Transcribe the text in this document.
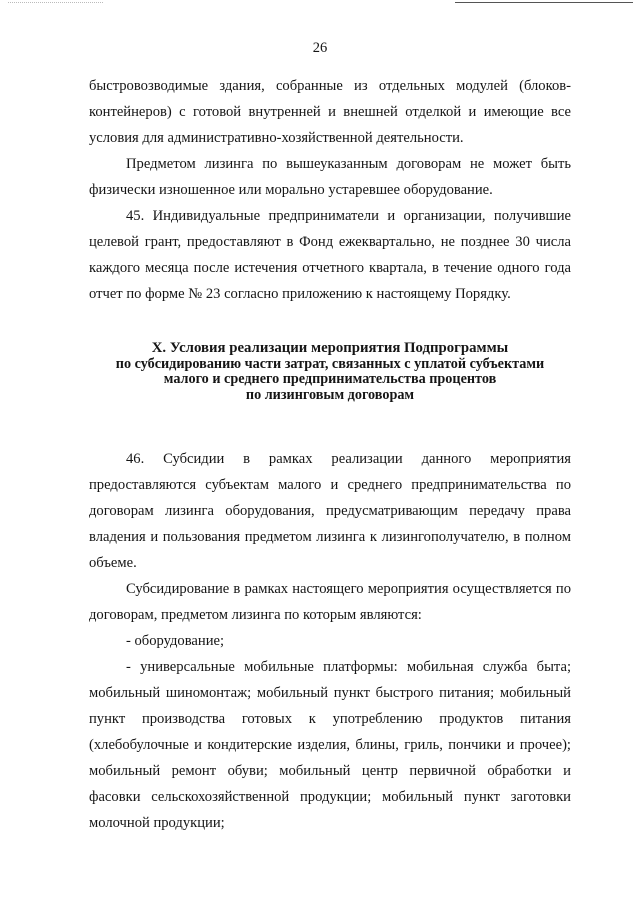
26

быстровозводимые здания, собранные из отдельных модулей (блоков-контейнеров) с готовой внутренней и внешней отделкой и имеющие все условия для административно-хозяйственной деятельности.

Предметом лизинга по вышеуказанным договорам не может быть физически изношенное или морально устаревшее оборудование.

45. Индивидуальные предприниматели и организации, получившие целевой грант, предоставляют в Фонд ежеквартально, не позднее 30 числа каждого месяца после истечения отчетного квартала, в течение одного года отчет по форме № 23 согласно приложению к настоящему Порядку.

X. Условия реализации мероприятия Подпрограммы
по субсидированию части затрат, связанных с уплатой субъектами
малого и среднего предпринимательства процентов
по лизинговым договорам

46. Субсидии в рамках реализации данного мероприятия предоставляются субъектам малого и среднего предпринимательства по договорам лизинга оборудования, предусматривающим передачу права владения и пользования предметом лизинга к лизингополучателю, в полном объеме.

Субсидирование в рамках настоящего мероприятия осуществляется по договорам, предметом лизинга по которым являются:

- оборудование;

- универсальные мобильные платформы: мобильная служба быта; мобильный шиномонтаж; мобильный пункт быстрого питания; мобильный пункт производства готовых к употреблению продуктов питания (хлебобулочные и кондитерские изделия, блины, гриль, пончики и прочее); мобильный ремонт обуви; мобильный центр первичной обработки и фасовки сельскохозяйственной продукции; мобильный пункт заготовки молочной продукции;
